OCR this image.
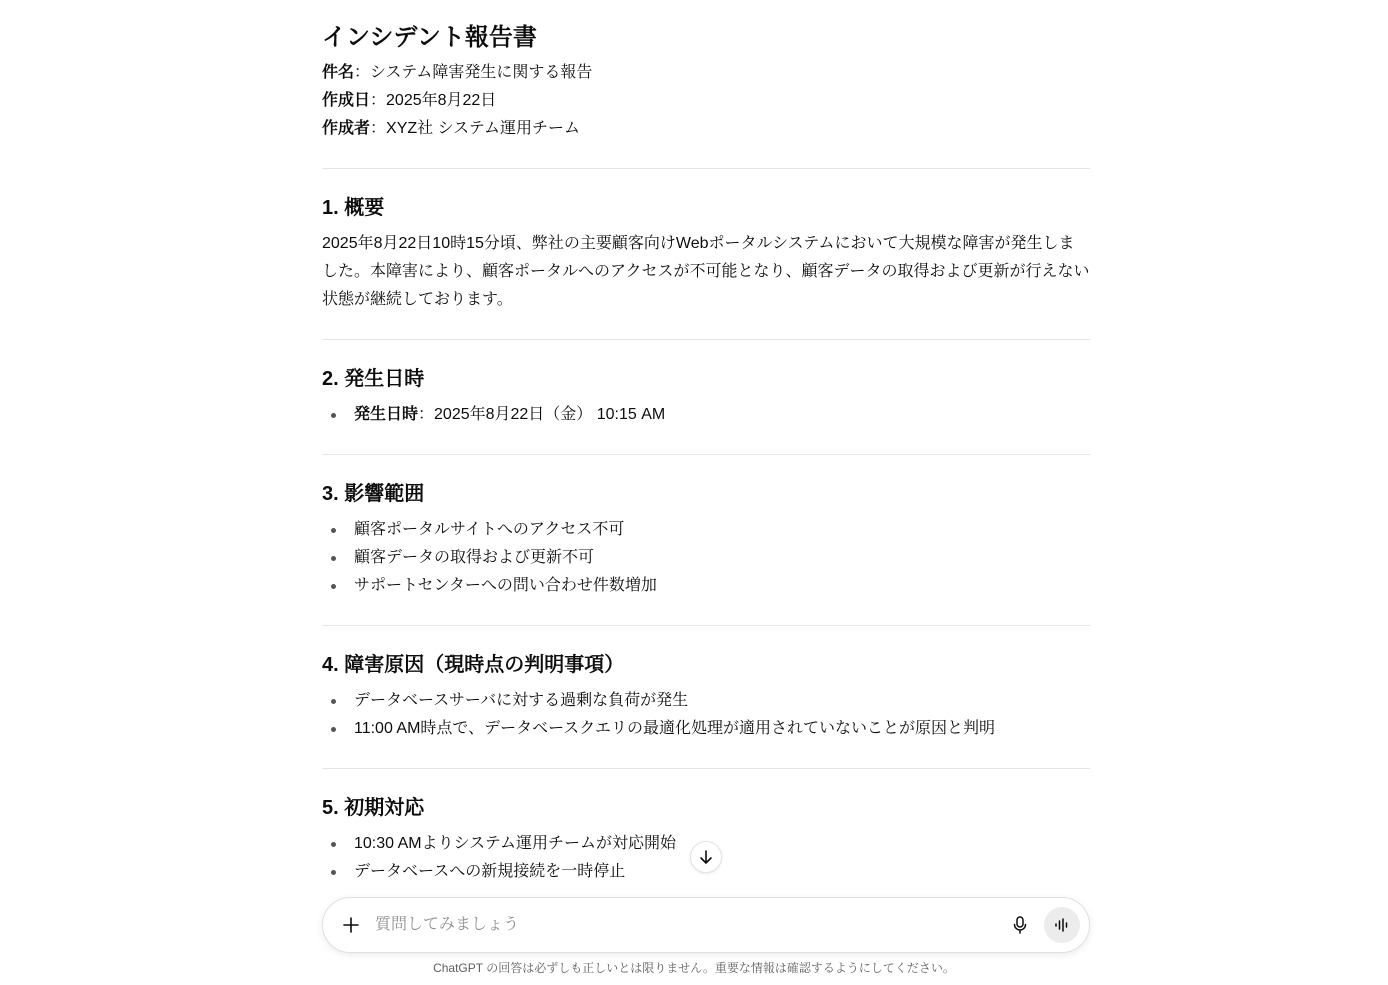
インシデント報告書
件名：システム障害発生に関する報告
作成日：2025年8月22日
作成者：XYZ社 システム運用チーム
1. 概要

2025年8月22日10時15分頃、弊社の主要顧客向けWebポータルシステムにおいて大規模な障害が発生しました。本障害により、顧客ポータルへのアクセスが不可能となり、顧客データの取得および更新が行えない状態が継続しております。

2. 発生日時
発生日時：2025年8月22日（金） 10:15 AM
3. 影響範囲
顧客ポータルサイトへのアクセス不可
顧客データの取得および更新不可
サポートセンターへの問い合わせ件数増加
4. 障害原因（現時点の判明事項）
データベースサーバに対する過剰な負荷が発生
11:00 AM時点で、データベースクエリの最適化処理が適用されていないことが原因と判明
5. 初期対応
10:30 AMよりシステム運用チームが対応開始
データベースへの新規接続を一時停止
質問してみましょう
ChatGPT の回答は必ずしも正しいとは限りません。重要な情報は確認するようにしてください。
